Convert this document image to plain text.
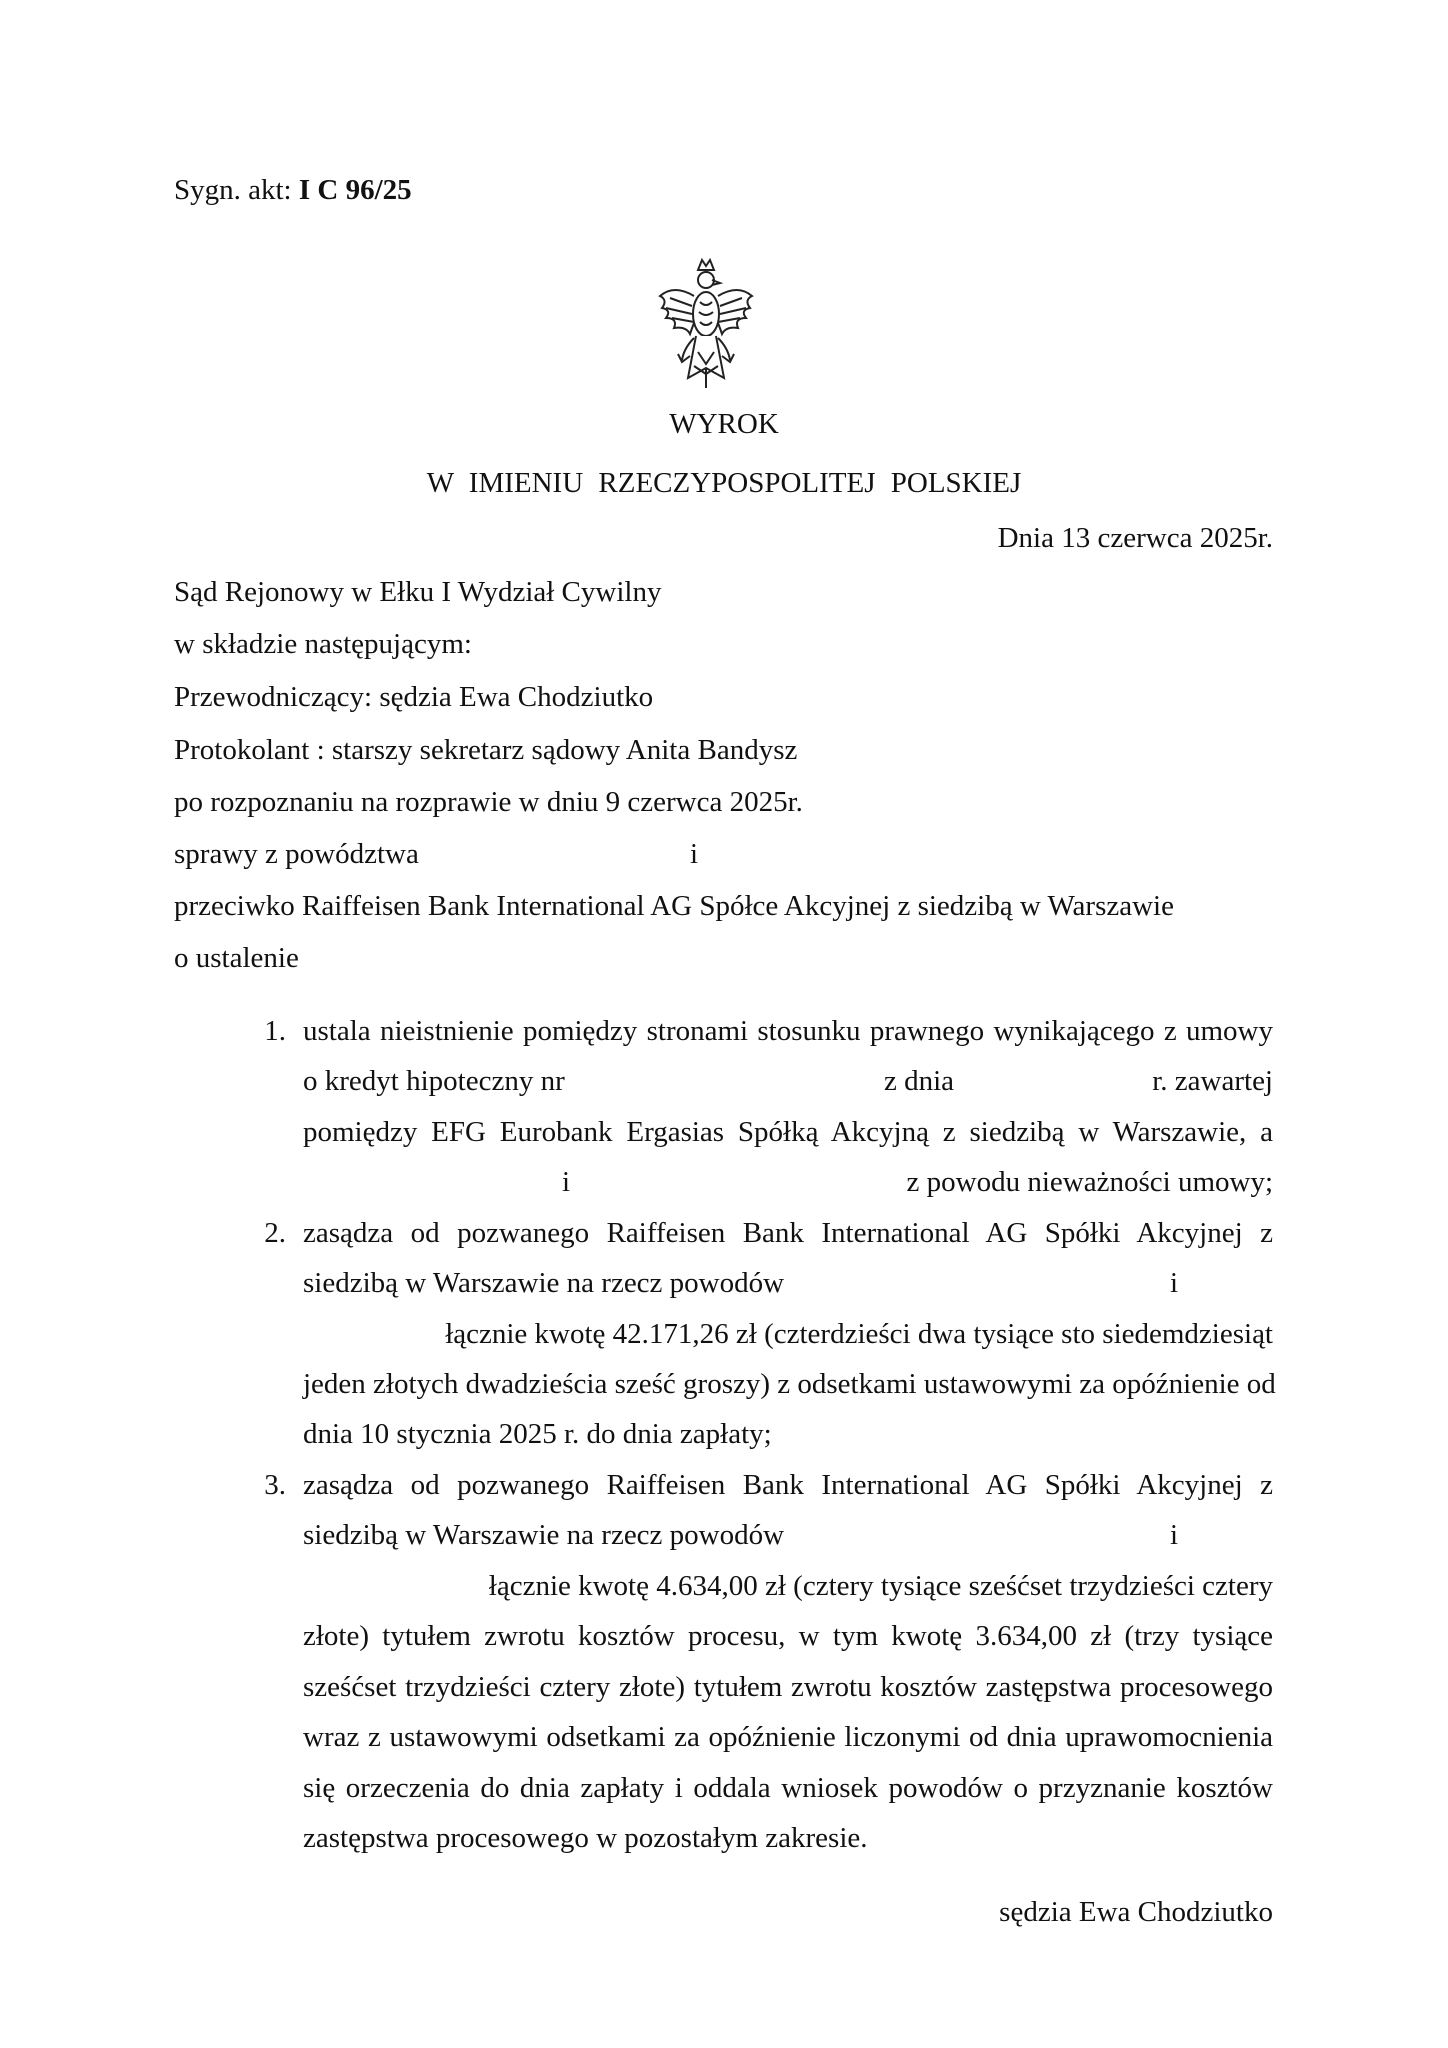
Sygn. akt: I C 96/25
WYROK
W IMIENIU RZECZYPOSPOLITEJ POLSKIEJ
Dnia 13 czerwca 2025r.
Sąd Rejonowy w Ełku I Wydział Cywilny
w składzie następującym:
Przewodniczący: sędzia Ewa Chodziutko
Protokolant : starszy sekretarz sądowy Anita Bandysz
po rozpoznaniu na rozprawie w dniu 9 czerwca 2025r.
sprawy z powództwa	i
przeciwko Raiffeisen Bank International AG Spółce Akcyjnej z siedzibą w Warszawie
o ustalenie
1. ustala nieistnienie pomiędzy stronami stosunku prawnego wynikającego z umowy
o kredyt hipoteczny nr	z dnia	r. zawartej
pomiędzy EFG Eurobank Ergasias Spółką Akcyjną z siedzibą w Warszawie, a
i	z powodu nieważności umowy;
2. zasądza od pozwanego Raiffeisen Bank International AG Spółki Akcyjnej z
siedzibą w Warszawie na rzecz powodów	i
łącznie kwotę 42.171,26 zł (czterdzieści dwa tysiące sto siedemdziesiąt
jeden złotych dwadzieścia sześć groszy) z odsetkami ustawowymi za opóźnienie od
dnia 10 stycznia 2025 r. do dnia zapłaty;
3. zasądza od pozwanego Raiffeisen Bank International AG Spółki Akcyjnej z
siedzibą w Warszawie na rzecz powodów	i
łącznie kwotę 4.634,00 zł (cztery tysiące sześćset trzydzieści cztery
złote) tytułem zwrotu kosztów procesu, w tym kwotę 3.634,00 zł (trzy tysiące
sześćset trzydzieści cztery złote) tytułem zwrotu kosztów zastępstwa procesowego
wraz z ustawowymi odsetkami za opóźnienie liczonymi od dnia uprawomocnienia
się orzeczenia do dnia zapłaty i oddala wniosek powodów o przyznanie kosztów
zastępstwa procesowego w pozostałym zakresie.
sędzia Ewa Chodziutko
